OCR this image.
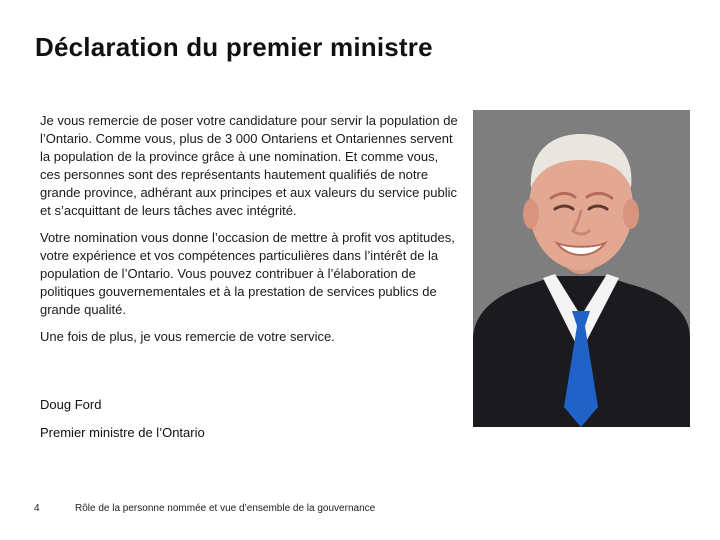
Déclaration du premier ministre

Je vous remercie de poser votre candidature pour servir la population de l’Ontario. Comme vous, plus de 3 000 Ontariens et Ontariennes servent la population de la province grâce à une nomination. Et comme vous, ces personnes sont des représentants hautement qualifiés de notre grande province, adhérant aux principes et aux valeurs du service public et s’acquittant de leurs tâches avec intégrité.

Votre nomination vous donne l’occasion de mettre à profit vos aptitudes, votre expérience et vos compétences particulières dans l’intérêt de la population de l’Ontario. Vous pouvez contribuer à l’élaboration de politiques gouvernementales et à la prestation de services publics de grande qualité.

Une fois de plus, je vous remercie de votre service.

Doug Ford
Premier ministre de l’Ontario
4	Rôle de la personne nommée et vue d’ensemble de la gouvernance
